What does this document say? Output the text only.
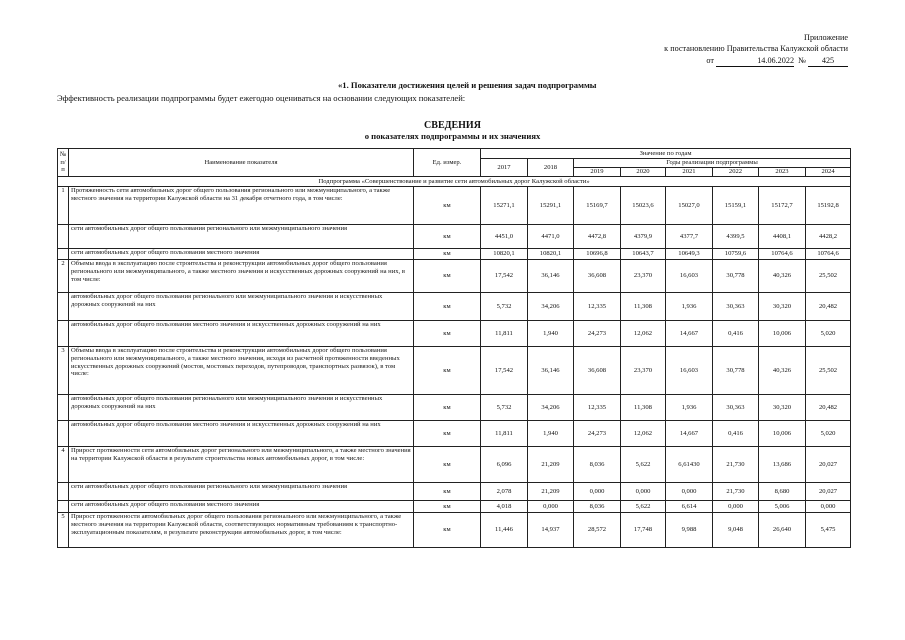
Приложение
к постановлению Правительства Калужской области
от	14.06.2022 № 425
«1. Показатели достижения целей и решения задач подпрограммы
Эффективность реализации подпрограммы будет ежегодно оцениваться на основании следующих показателей:
СВЕДЕНИЯ
о показателях подпрограммы и их значениях
№ п/п	Наименование показателя	Ед. измер.	Значение по годам							
			2017	2018	Годы реализации подпрограммы					
					2019	2020	2021	2022	2023	2024
Подпрограмма «Совершенствование и развитие сети автомобильных дорог Калужской области»										
1	Протяженность сети автомобильных дорог общего пользования регионального или межмуниципального, а также местного значения на территории Калужской области на 31 декабря отчетного года, в том числе:	км	15271,1	15291,1	15169,7	15023,6	15027,0	15159,1	15172,7	15192,8
	сети автомобильных дорог общего пользования регионального или межмуниципального значения	км	4451,0	4471,0	4472,8	4379,9	4377,7	4399,5	4408,1	4428,2
	сети автомобильных дорог общего пользования местного значения	км	10820,1	10820,1	10696,8	10643,7	10649,3	10759,6	10764,6	10764,6
2	Объемы ввода в эксплуатацию после строительства и реконструкции автомобильных дорог общего пользования регионального или межмуниципального, а также местного значения и искусственных дорожных сооружений на них, в том числе:	км	17,542	36,146	36,608	23,370	16,603	30,778	40,326	25,502
	автомобильных дорог общего пользования регионального или межмуниципального значения и искусственных дорожных сооружений на них	км	5,732	34,206	12,335	11,308	1,936	30,363	30,320	20,482
	автомобильных дорог общего пользования местного значения и искусственных дорожных сооружений на них	км	11,811	1,940	24,273	12,062	14,667	0,416	10,006	5,020
3	Объемы ввода в эксплуатацию после строительства и реконструкции автомобильных дорог общего пользования регионального или межмуниципального, а также местного значения, исходя из расчетной протяженности введенных искусственных дорожных сооружений (мостов, мостовых переходов, путепроводов, транспортных развязок), в том числе:	км	17,542	36,146	36,608	23,370	16,603	30,778	40,326	25,502
	автомобильных дорог общего пользования регионального или межмуниципального значения и искусственных дорожных сооружений на них	км	5,732	34,206	12,335	11,308	1,936	30,363	30,320	20,482
	автомобильных дорог общего пользования местного значения и искусственных дорожных сооружений на них	км	11,811	1,940	24,273	12,062	14,667	0,416	10,006	5,020
4	Прирост протяженности сети автомобильных дорог регионального или межмуниципального, а также местного значения на территории Калужской области в результате строительства новых автомобильных дорог, в том числе:	км	6,096	21,209	8,036	5,622	6,61430	21,730	13,686	20,027
	сети автомобильных дорог общего пользования регионального или межмуниципального значения	км	2,078	21,209	0,000	0,000	0,000	21,730	8,680	20,027
	сети автомобильных дорог общего пользования местного значения	км	4,018	0,000	8,036	5,622	6,614	0,000	5,006	0,000
5	Прирост протяженности автомобильных дорог общего пользования регионального или межмуниципального, а также местного значения на территории Калужской области, соответствующих нормативным требованиям к транспортно-эксплуатационным показателям, в результате реконструкции автомобильных дорог, в том числе:	км	11,446	14,937	28,572	17,748	9,988	9,048	26,640	5,475
